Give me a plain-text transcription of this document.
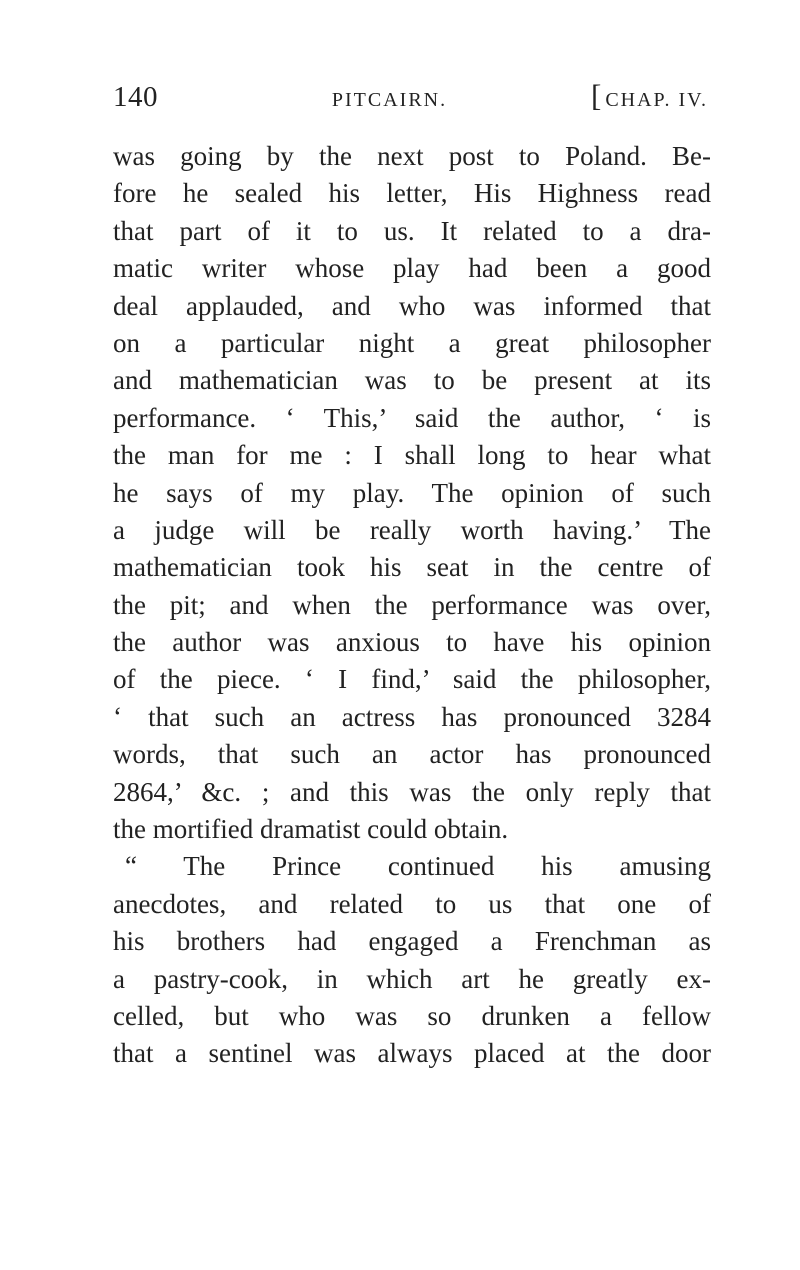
140	PITCAIRN.	[ CHAP. IV.
was going by the next post to Poland. Be-
fore he sealed his letter, His Highness read
that part of it to us. It related to a dra-
matic writer whose play had been a good
deal applauded, and who was informed that
on a particular night a great philosopher
and mathematician was to be present at its
performance. ‘ This,’ said the author, ‘ is
the man for me : I shall long to hear what
he says of my play. The opinion of such
a judge will be really worth having.’ The
mathematician took his seat in the centre of
the pit; and when the performance was over,
the author was anxious to have his opinion
of the piece. ‘ I find,’ said the philosopher,
‘ that such an actress has pronounced 3284
words, that such an actor has pronounced
2864,’ &c. ; and this was the only reply that
the mortified dramatist could obtain.
“ The Prince continued his amusing
anecdotes, and related to us that one of
his brothers had engaged a Frenchman as
a pastry-cook, in which art he greatly ex-
celled, but who was so drunken a fellow
that a sentinel was always placed at the door
